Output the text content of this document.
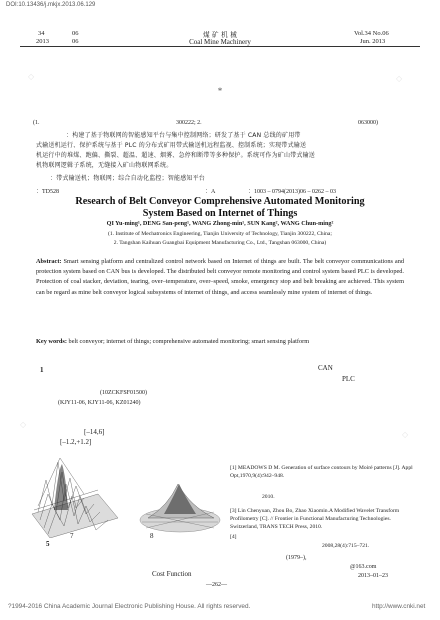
DOI:10.13436/j.mkjx.2013.06.129
34	06
2013	06
煤 矿 机 械
Coal Mine Machinery
Vol.34 No.06
Jun. 2013
*
(1.	300222; 2.	063000)
：构建了基于物联网的智能感知平台与集中控制网络；研发了基于 CAN 总线的矿用带
式输送机运行、保护系统与基于 PLC 的分布式矿用带式输送机远程监视、控制系统；实现带式输送
机运行中的堆煤、跑偏、撕裂、超温、超速、烟雾、急停和断带等多种保护。系统可作为矿山带式输送
机物联网逻辑子系统，无缝接入矿山物联网系统。
：带式输送机；物联网；综合自动化监控；智能感知平台
：TD528	：A	：1003 – 0794(2013)06 – 0262 – 03
Research of Belt Conveyor Comprehensive Automated Monitoring
System Based on Internet of Things
QI Yu-ming¹, DENG San-peng¹, WANG Zhong-min¹, SUN Kang², WANG Chun-ming²
(1. Institute of Mechatronics Engineering, Tianjin University of Technology, Tianjin 300222, China;
2. Tangshan Kaihuan Guangbai Equipment Manufacturing Co., Ltd., Tangshan 063000, China)
Abstract: Smart sensing platform and centralized control network based on Internet of things are built. The belt conveyor communications and protection system based on CAN bus is developed. The distributed belt conveyor remote monitoring and control system based PLC is developed. Protection of coal stacker, deviation, tearing, over–temperature, over–speed, smoke, emergency stop and belt breaking are achieved. This system can be regard as mine belt conveyor logical subsystems of internet of things, and access seamlessly mine system of internet of things.
Key words: belt conveyor; internet of things; comprehensive automated monitoring; smart sensing platform
1	CAN
PLC
(10ZCKFSF01500)
(KJY11-06, KJY11-06, KZ01240)
[–14,6]
[–1.2,+1.2]
7	8
5
Cost Function
[1] MEADOWS D M. Generation of surface contours by Moiré patterns [J]. Appl Opt,1970,9(4):942–948.
2010.
[3] Lin Chenyuan, Zhou Bo, Zhao Xiaomin.A Modified Wavelet Transform Profilometry [C]. // Frontier in Functional Manufacturing Technologies. Switzerland, TRANS TECH Press, 2010.
[4]
2008,28(4):715–721.
(1979–),
@163.com
2013–01–23
—262—
◇	◇
◇
◇
?1994-2016 China Academic Journal Electronic Publishing House. All rights reserved.	http://www.cnki.net
